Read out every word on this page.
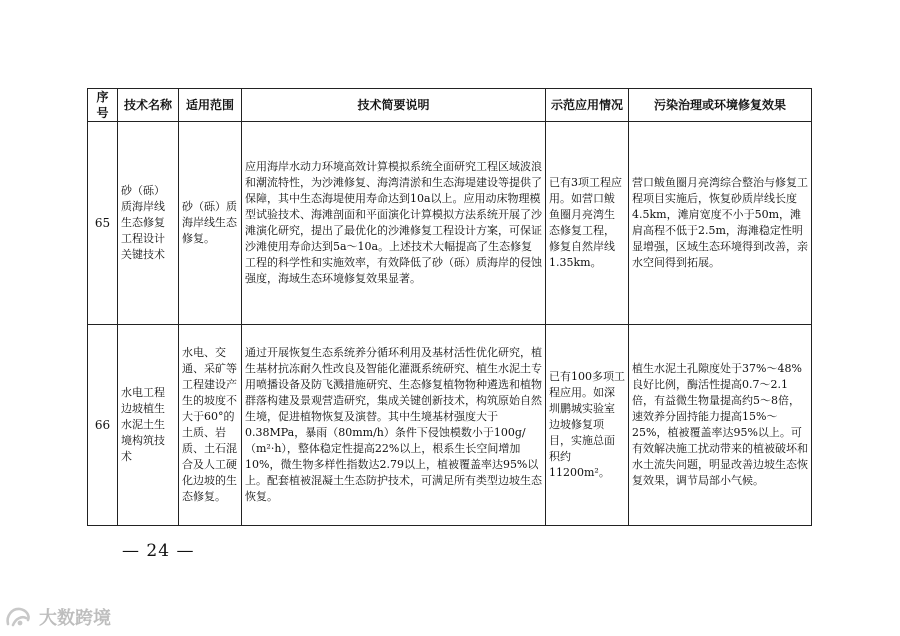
序号	技术名称	适用范围	技术简要说明	示范应用情况	污染治理或环境修复效果
65	砂（砾）质海岸线生态修复工程设计关键技术	砂（砾）质海岸线生态修复。	应用海岸水动力环境高效计算模拟系统全面研究工程区域波浪和潮流特性，为沙滩修复、海湾清淤和生态海堤建设等提供了保障，其中生态海堤使用寿命达到10a以上。应用动床物理模型试验技术、海滩剖面和平面演化计算模拟方法系统开展了沙滩演化研究，提出了最优化的沙滩修复工程设计方案，可保证沙滩使用寿命达到5a～10a。上述技术大幅提高了生态修复工程的科学性和实施效率，有效降低了砂（砾）质海岸的侵蚀强度，海域生态环境修复效果显著。	已有3项工程应用。如营口鲅鱼圈月亮湾生态修复工程，修复自然岸线1.35km。	营口鲅鱼圈月亮湾综合整治与修复工程项目实施后，恢复砂质岸线长度4.5km，滩肩宽度不小于50m，滩肩高程不低于2.5m，海滩稳定性明显增强，区域生态环境得到改善，亲水空间得到拓展。
66	水电工程边坡植生水泥土生境构筑技术	水电、交通、采矿等工程建设产生的坡度不大于60°的土质、岩质、土石混合及人工硬化边坡的生态修复。	通过开展恢复生态系统养分循环利用及基材活性优化研究，植生基材抗冻耐久性改良及智能化灌溉系统研究、植生水泥土专用喷播设备及防飞溅措施研究、生态修复植物物种遴选和植物群落构建及景观营造研究，集成关键创新技术，构筑原始自然生境，促进植物恢复及演替。其中生境基材强度大于0.38MPa，暴雨（80mm/h）条件下侵蚀模数小于100g/（m²·h），整体稳定性提高22%以上，根系生长空间增加10%，微生物多样性指数达2.79以上，植被覆盖率达95%以上。配套植被混凝土生态防护技术，可满足所有类型边坡生态恢复。	已有100多项工程应用。如深圳鹏城实验室边坡修复项目，实施总面积约11200m²。	植生水泥土孔隙度处于37%～48%良好比例，酶活性提高0.7～2.1倍，有益微生物量提高约5～8倍，速效养分固持能力提高15%～25%，植被覆盖率达95%以上。可有效解决施工扰动带来的植被破坏和水土流失问题，明显改善边坡生态恢复效果，调节局部小气候。
— 24 —
大数跨境
